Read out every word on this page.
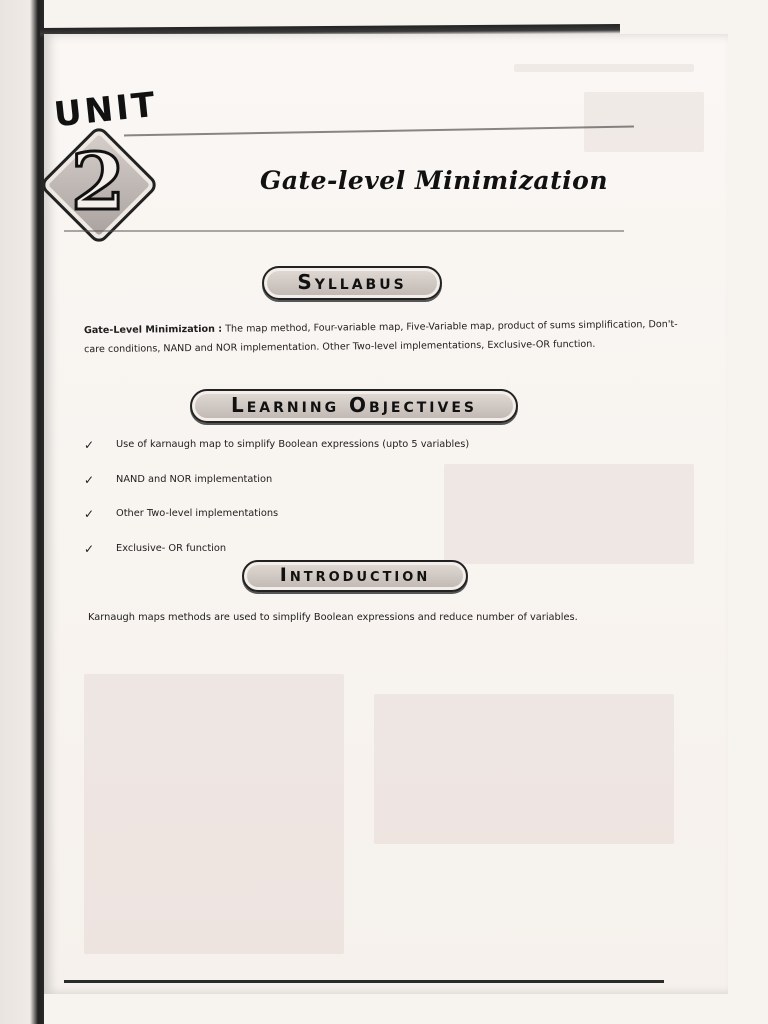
UNIT
2	Gate-level Minimization
Syllabus
Gate-Level Minimization : The map method, Four-variable map, Five-Variable map, product of sums simplification, Don't-care conditions, NAND and NOR implementation. Other Two-level implementations, Exclusive-OR function.
Learning Objectives
✓ Use of karnaugh map to simplify Boolean expressions (upto 5 variables)
✓ NAND and NOR implementation
✓ Other Two-level implementations
✓ Exclusive- OR function
Introduction
Karnaugh maps methods are used to simplify Boolean expressions and reduce number of variables.
